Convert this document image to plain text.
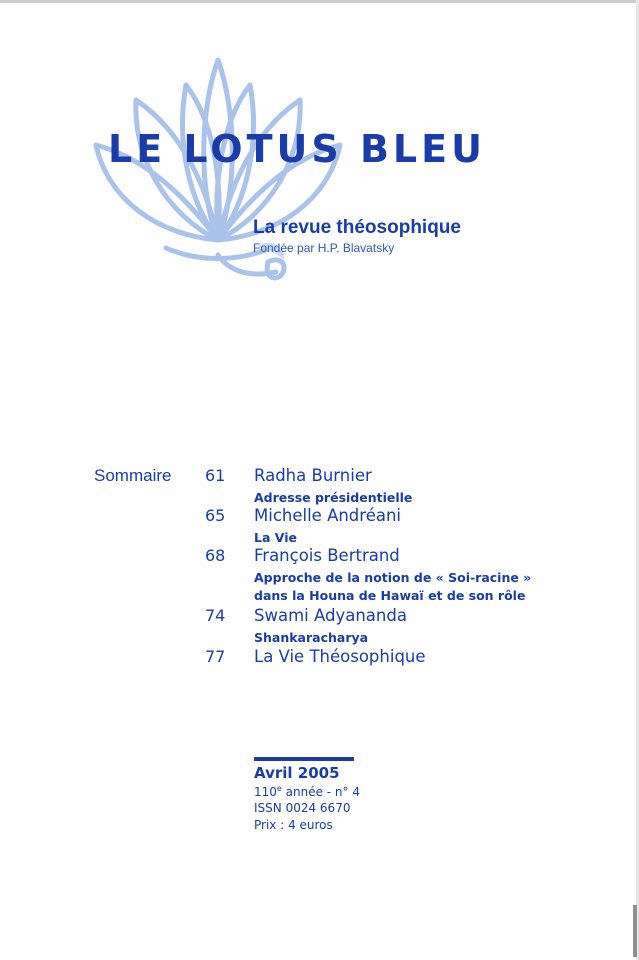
LE LOTUS BLEU
La revue théosophique
Fondée par H.P. Blavatsky
Sommaire 61 Radha Burnier
Adresse présidentielle
65 Michelle Andréani
La Vie
68 François Bertrand
Approche de la notion de « Soi-racine »
dans la Houna de Hawaï et de son rôle
74 Swami Adyananda
Shankaracharya
77 La Vie Théosophique
Avril 2005
110e année - n° 4
ISSN 0024 6670
Prix : 4 euros
